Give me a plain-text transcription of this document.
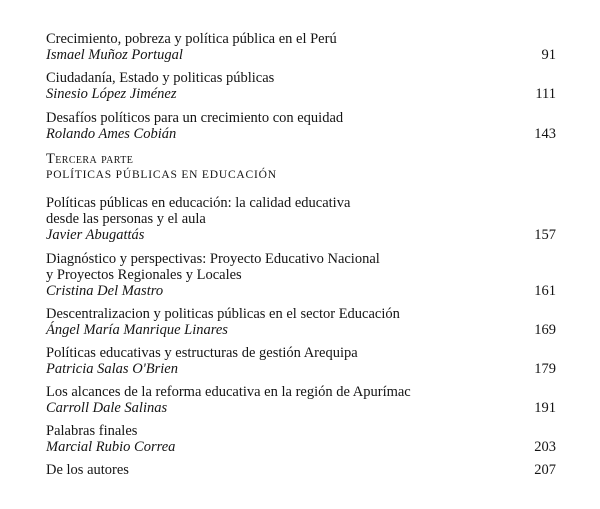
Crecimiento, pobreza y política pública en el Perú
Ismael Muñoz Portugal	91
Ciudadanía, Estado y politicas públicas
Sinesio López Jiménez	111
Desafíos políticos para un crecimiento con equidad
Rolando Ames Cobián	143
Tercera parte
POLÍTICAS PÚBLICAS EN EDUCACIÓN
Políticas públicas en educación: la calidad educativa
desde las personas y el aula
Javier Abugattás	157
Diagnóstico y perspectivas: Proyecto Educativo Nacional
y Proyectos Regionales y Locales
Cristina Del Mastro	161
Descentralizacion y politicas públicas en el sector Educación
Ángel María Manrique Linares	169
Políticas educativas y estructuras de gestión Arequipa
Patricia Salas O'Brien	179
Los alcances de la reforma educativa en la región de Apurímac
Carroll Dale Salinas	191
Palabras finales
Marcial Rubio Correa	203
De los autores	207
